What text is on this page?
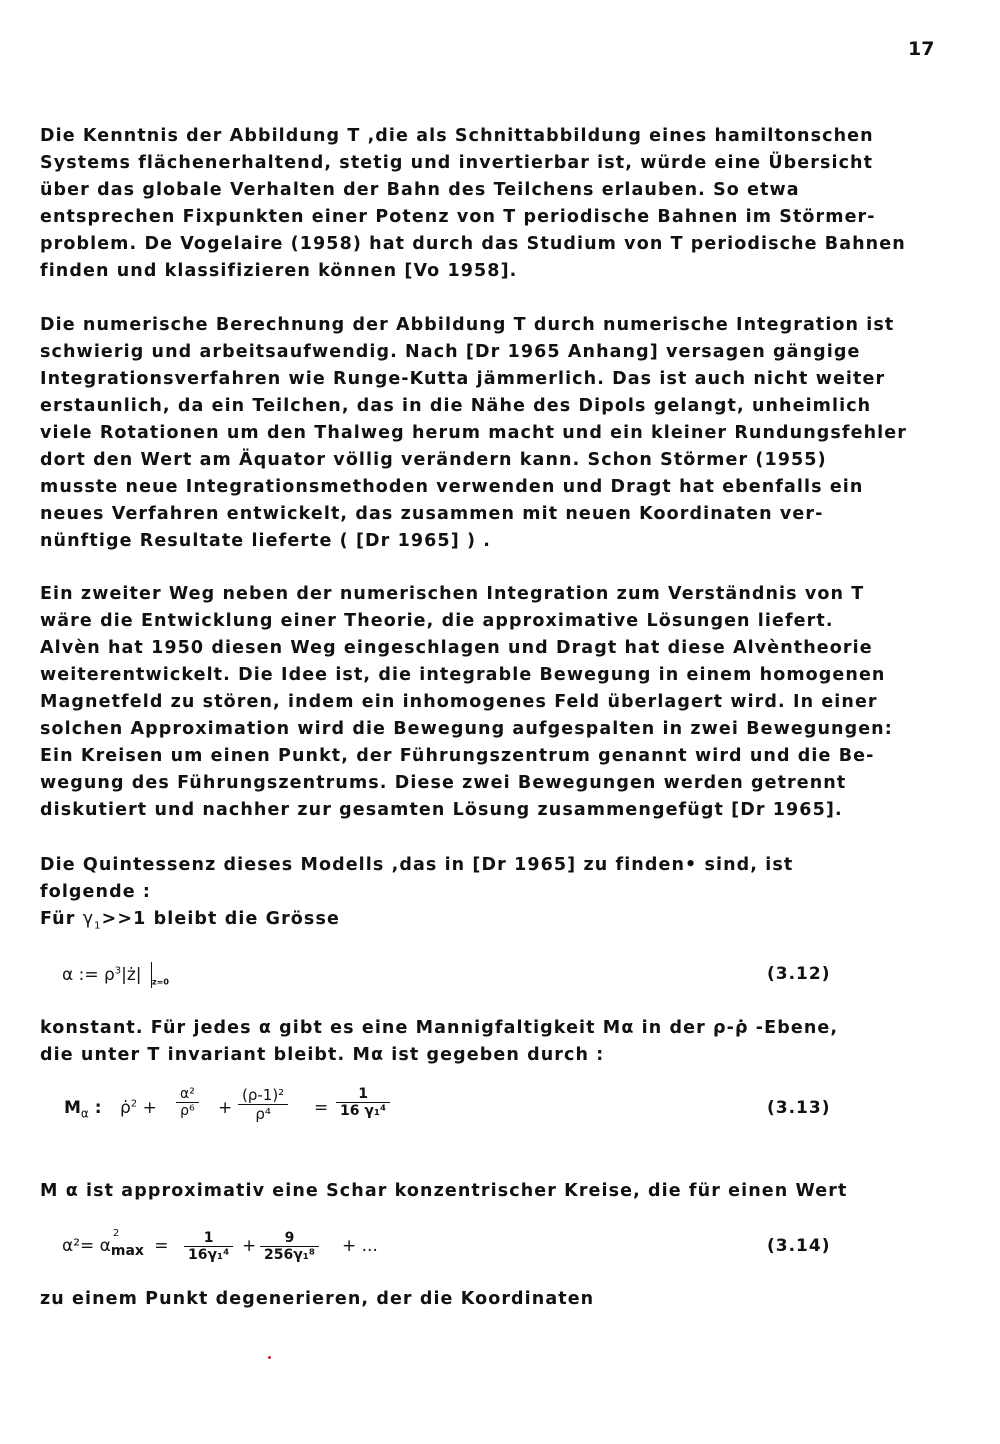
17
Die Kenntnis der Abbildung T ,die als Schnittabbildung eines hamiltonschen
Systems flächenerhaltend, stetig und invertierbar ist, würde eine Übersicht
über das globale Verhalten der Bahn des Teilchens erlauben. So etwa
entsprechen Fixpunkten einer Potenz von T periodische Bahnen im Störmer-
problem. De Vogelaire (1958) hat durch das Studium von T periodische Bahnen
finden und klassifizieren können [Vo 1958].
Die numerische Berechnung der Abbildung T durch numerische Integration ist
schwierig und arbeitsaufwendig. Nach [Dr 1965 Anhang] versagen gängige
Integrationsverfahren wie Runge-Kutta jämmerlich. Das ist auch nicht weiter
erstaunlich, da ein Teilchen, das in die Nähe des Dipols gelangt, unheimlich
viele Rotationen um den Thalweg herum macht und ein kleiner Rundungsfehler
dort den Wert am Äquator völlig verändern kann. Schon Störmer (1955)
musste neue Integrationsmethoden verwenden und Dragt hat ebenfalls ein
neues Verfahren entwickelt, das zusammen mit neuen Koordinaten ver-
nünftige Resultate lieferte ( [Dr 1965] ) .
Ein zweiter Weg neben der numerischen Integration zum Verständnis von T
wäre die Entwicklung einer Theorie, die approximative Lösungen liefert.
Alvèn hat 1950 diesen Weg eingeschlagen und Dragt hat diese Alvèntheorie
weiterentwickelt. Die Idee ist, die integrable Bewegung in einem homogenen
Magnetfeld zu stören, indem ein inhomogenes Feld überlagert wird. In einer
solchen Approximation wird die Bewegung aufgespalten in zwei Bewegungen:
Ein Kreisen um einen Punkt, der Führungszentrum genannt wird und die Be-
wegung des Führungszentrums. Diese zwei Bewegungen werden getrennt
diskutiert und nachher zur gesamten Lösung zusammengefügt [Dr 1965].
Die Quintessenz dieses Modells ,das in [Dr 1965] zu finden• sind, ist
folgende :
Für $\gamma_1>>1$ bleibt die Grösse
α := $\rho^3|ż|$ $_{z=0}$	(3.12)
konstant. Für jedes α gibt es eine Mannigfaltigkeit Mα in der ρ-ρ̇ -Ebene,
die unter T invariant bleibt. Mα ist gegeben durch :
$M_\alpha$ : ρ̇$^2$ + $\frac{\text{α²}}{\text{ρ⁶}} + \frac{\text{(ρ-1)²}}{\text{ρ⁴}} = \frac{1}{\text{16 γ₁⁴}}$	(3.13)
M α ist approximativ eine Schar konzentrischer Kreise, die für einen Wert
α²= α
2
$\max = \frac{1}{\text{16γ₁⁴}} + \frac{9}{\text{256γ₁⁸}}$ + ...	(3.14)
zu einem Punkt degenerieren, der die Koordinaten
